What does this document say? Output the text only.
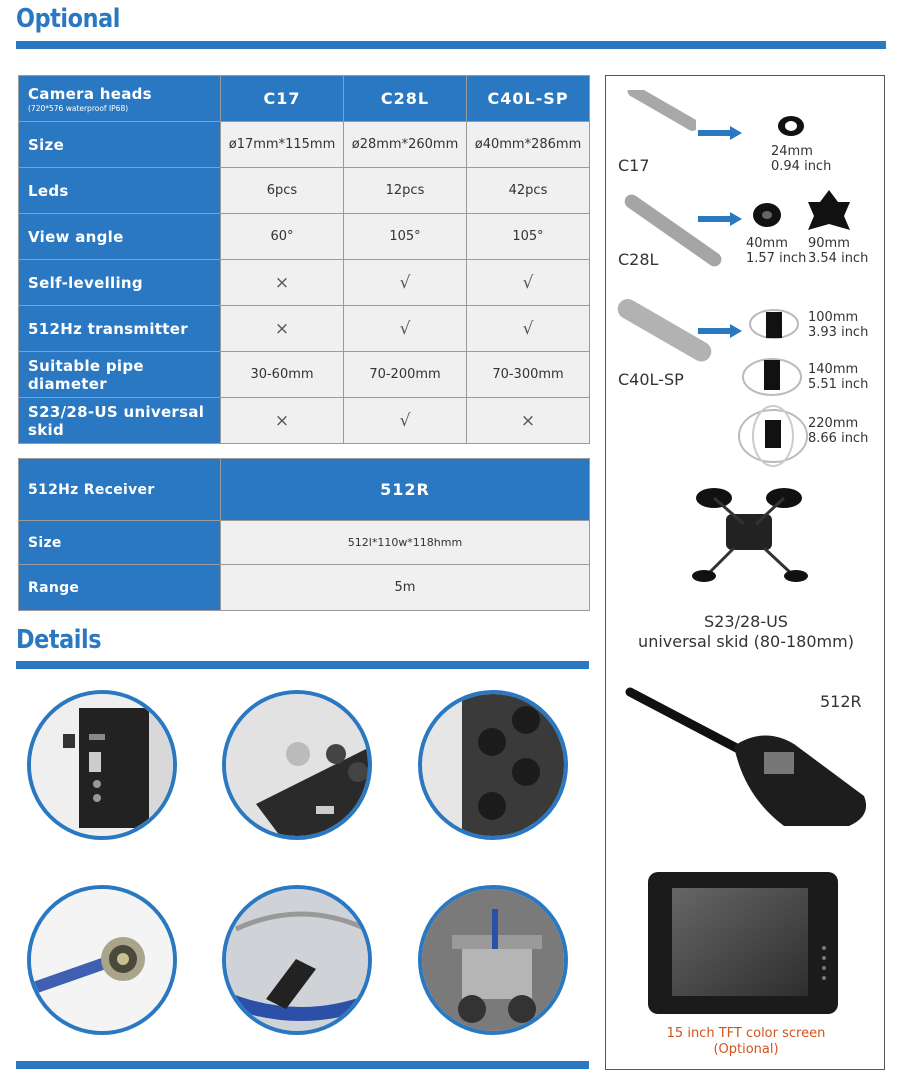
Optional
Camera heads
(720*576 waterproof IP68)	C17	C28L	C40L-SP
Size	ø17mm*115mm	ø28mm*260mm	ø40mm*286mm
Leds	6pcs	12pcs	42pcs
View angle	60°	105°	105°
Self-levelling	×	√	√
512Hz transmitter	×	√	√
Suitable pipe diameter	30-60mm	70-200mm	70-300mm
S23/28-US universal skid	×	√	×
512Hz Receiver	512R
Size	512l*110w*118hmm
Range	5m
Details
C17
24mm
0.94 inch
C28L
40mm
1.57 inch
90mm
3.54 inch
C40L-SP
100mm
3.93 inch
140mm
5.51 inch
220mm
8.66 inch
S23/28-US
universal skid (80-180mm)
512R
15 inch TFT color screen
(Optional)
